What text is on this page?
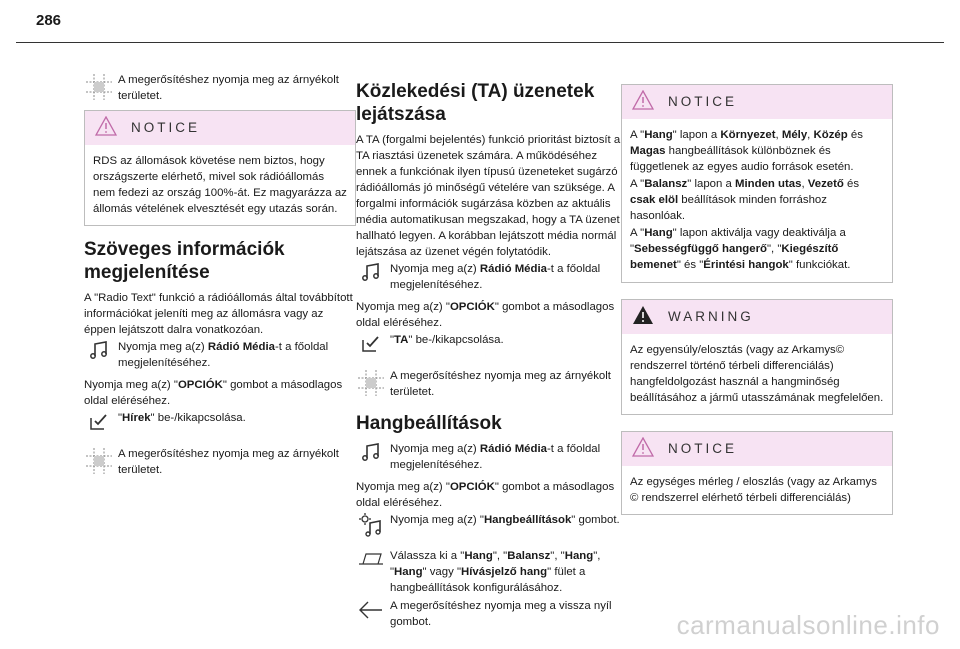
286
A megerősítéshez nyomja meg az árnyékolt területet.
NOTICE
RDS az állomások követése nem biztos, hogy országszerte elérhető, mivel sok rádióállomás nem fedezi az ország 100%-át. Ez magyarázza az állomás vételének elvesztését egy utazás során.
Szöveges információk megjelenítése

A "Radio Text" funkció a rádióállomás által továbbított információkat jeleníti meg az állomásra vagy az éppen lejátszott dalra vonatkozóan.

Nyomja meg a(z) Rádió Média-t a főoldal megjelenítéséhez.

Nyomja meg a(z) "OPCIÓK" gombot a másodlagos oldal eléréséhez.

"Hírek" be-/kikapcsolása.
A megerősítéshez nyomja meg az árnyékolt területet.
Közlekedési (TA) üzenetek lejátszása

A TA (forgalmi bejelentés) funkció prioritást biztosít a TA riasztási üzenetek számára. A működéséhez ennek a funkciónak ilyen típusú üzeneteket sugárzó rádióállomás jó minőségű vételére van szüksége. A forgalmi információk sugárzása közben az aktuális média automatikusan megszakad, hogy a TA üzenet hallható legyen. A korábban lejátszott média normál lejátszása az üzenet végén folytatódik.

Nyomja meg a(z) Rádió Média-t a főoldal megjelenítéséhez.

Nyomja meg a(z) "OPCIÓK" gombot a másodlagos oldal eléréséhez.

"TA" be-/kikapcsolása.
A megerősítéshez nyomja meg az árnyékolt területet.
Hangbeállítások
Nyomja meg a(z) Rádió Média-t a főoldal megjelenítéséhez.

Nyomja meg a(z) "OPCIÓK" gombot a másodlagos oldal eléréséhez.

Nyomja meg a(z) "Hangbeállítások" gombot.
Válassza ki a "Hang", "Balansz", "Hang", "Hang" vagy "Hívásjelző hang" fület a hangbeállítások konfigurálásához.
A megerősítéshez nyomja meg a vissza nyíl gombot.
NOTICE

A "Hang" lapon a Környezet, Mély, Közép és Magas hangbeállítások különböznek és függetlenek az egyes audio források esetén.

A "Balansz" lapon a Minden utas, Vezető és csak elöl beállítások minden forráshoz hasonlóak.

A "Hang" lapon aktiválja vagy deaktiválja a "Sebességfüggő hangerő", "Kiegészítő bemenet" és "Érintési hangok" funkciókat.

WARNING
Az egyensúly/elosztás (vagy az Arkamys© rendszerrel történő térbeli differenciálás) hangfeldolgozást használ a hangminőség beállításához a jármű utasszámának megfelelően.
NOTICE
Az egységes mérleg / eloszlás (vagy az Arkamys © rendszerrel elérhető térbeli differenciálás)
carmanualsonline.info
